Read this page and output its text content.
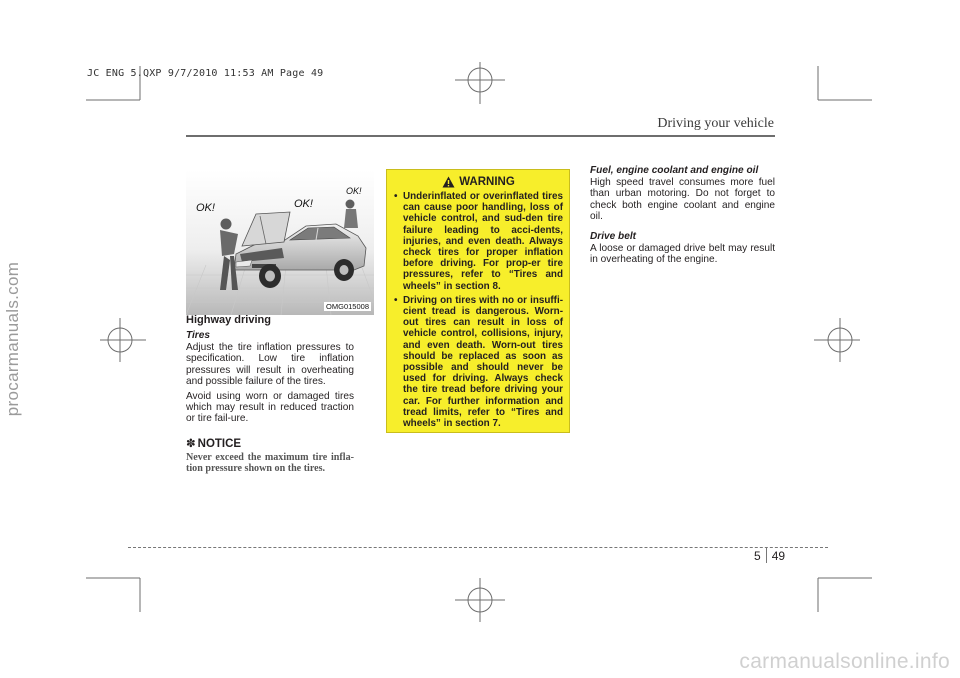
JC ENG 5.QXP 9/7/2010 11:53 AM Page 49
procarmanuals.com
Driving your vehicle
OK!	OK!
OK!
OMG015008
Highway driving
Tires

Adjust the tire inflation pressures to specification. Low tire inflation pressures will result in overheating and possible failure of the tires.

Avoid using worn or damaged tires which may result in reduced traction or tire fail-ure.

✽ NOTICE

Never exceed the maximum tire infla-tion pressure shown on the tires.

WARNING
• Underinflated or overinflated tires can cause poor handling, loss of vehicle control, and sud-den tire failure leading to acci-dents, injuries, and even death. Always check tires for proper inflation before driving. For prop-er tire pressures, refer to “Tires and wheels” in section 8.
• Driving on tires with no or insuffi-cient tread is dangerous. Worn-out tires can result in loss of vehicle control, collisions, injury, and even death. Worn-out tires should be replaced as soon as possible and should never be used for driving. Always check the tire tread before driving your car. For further information and tread limits, refer to “Tires and wheels” in section 7.
Fuel, engine coolant and engine oil

High speed travel consumes more fuel than urban motoring. Do not forget to check both engine coolant and engine oil.

Drive belt

A loose or damaged drive belt may result in overheating of the engine.

5 49
carmanualsonline.info
